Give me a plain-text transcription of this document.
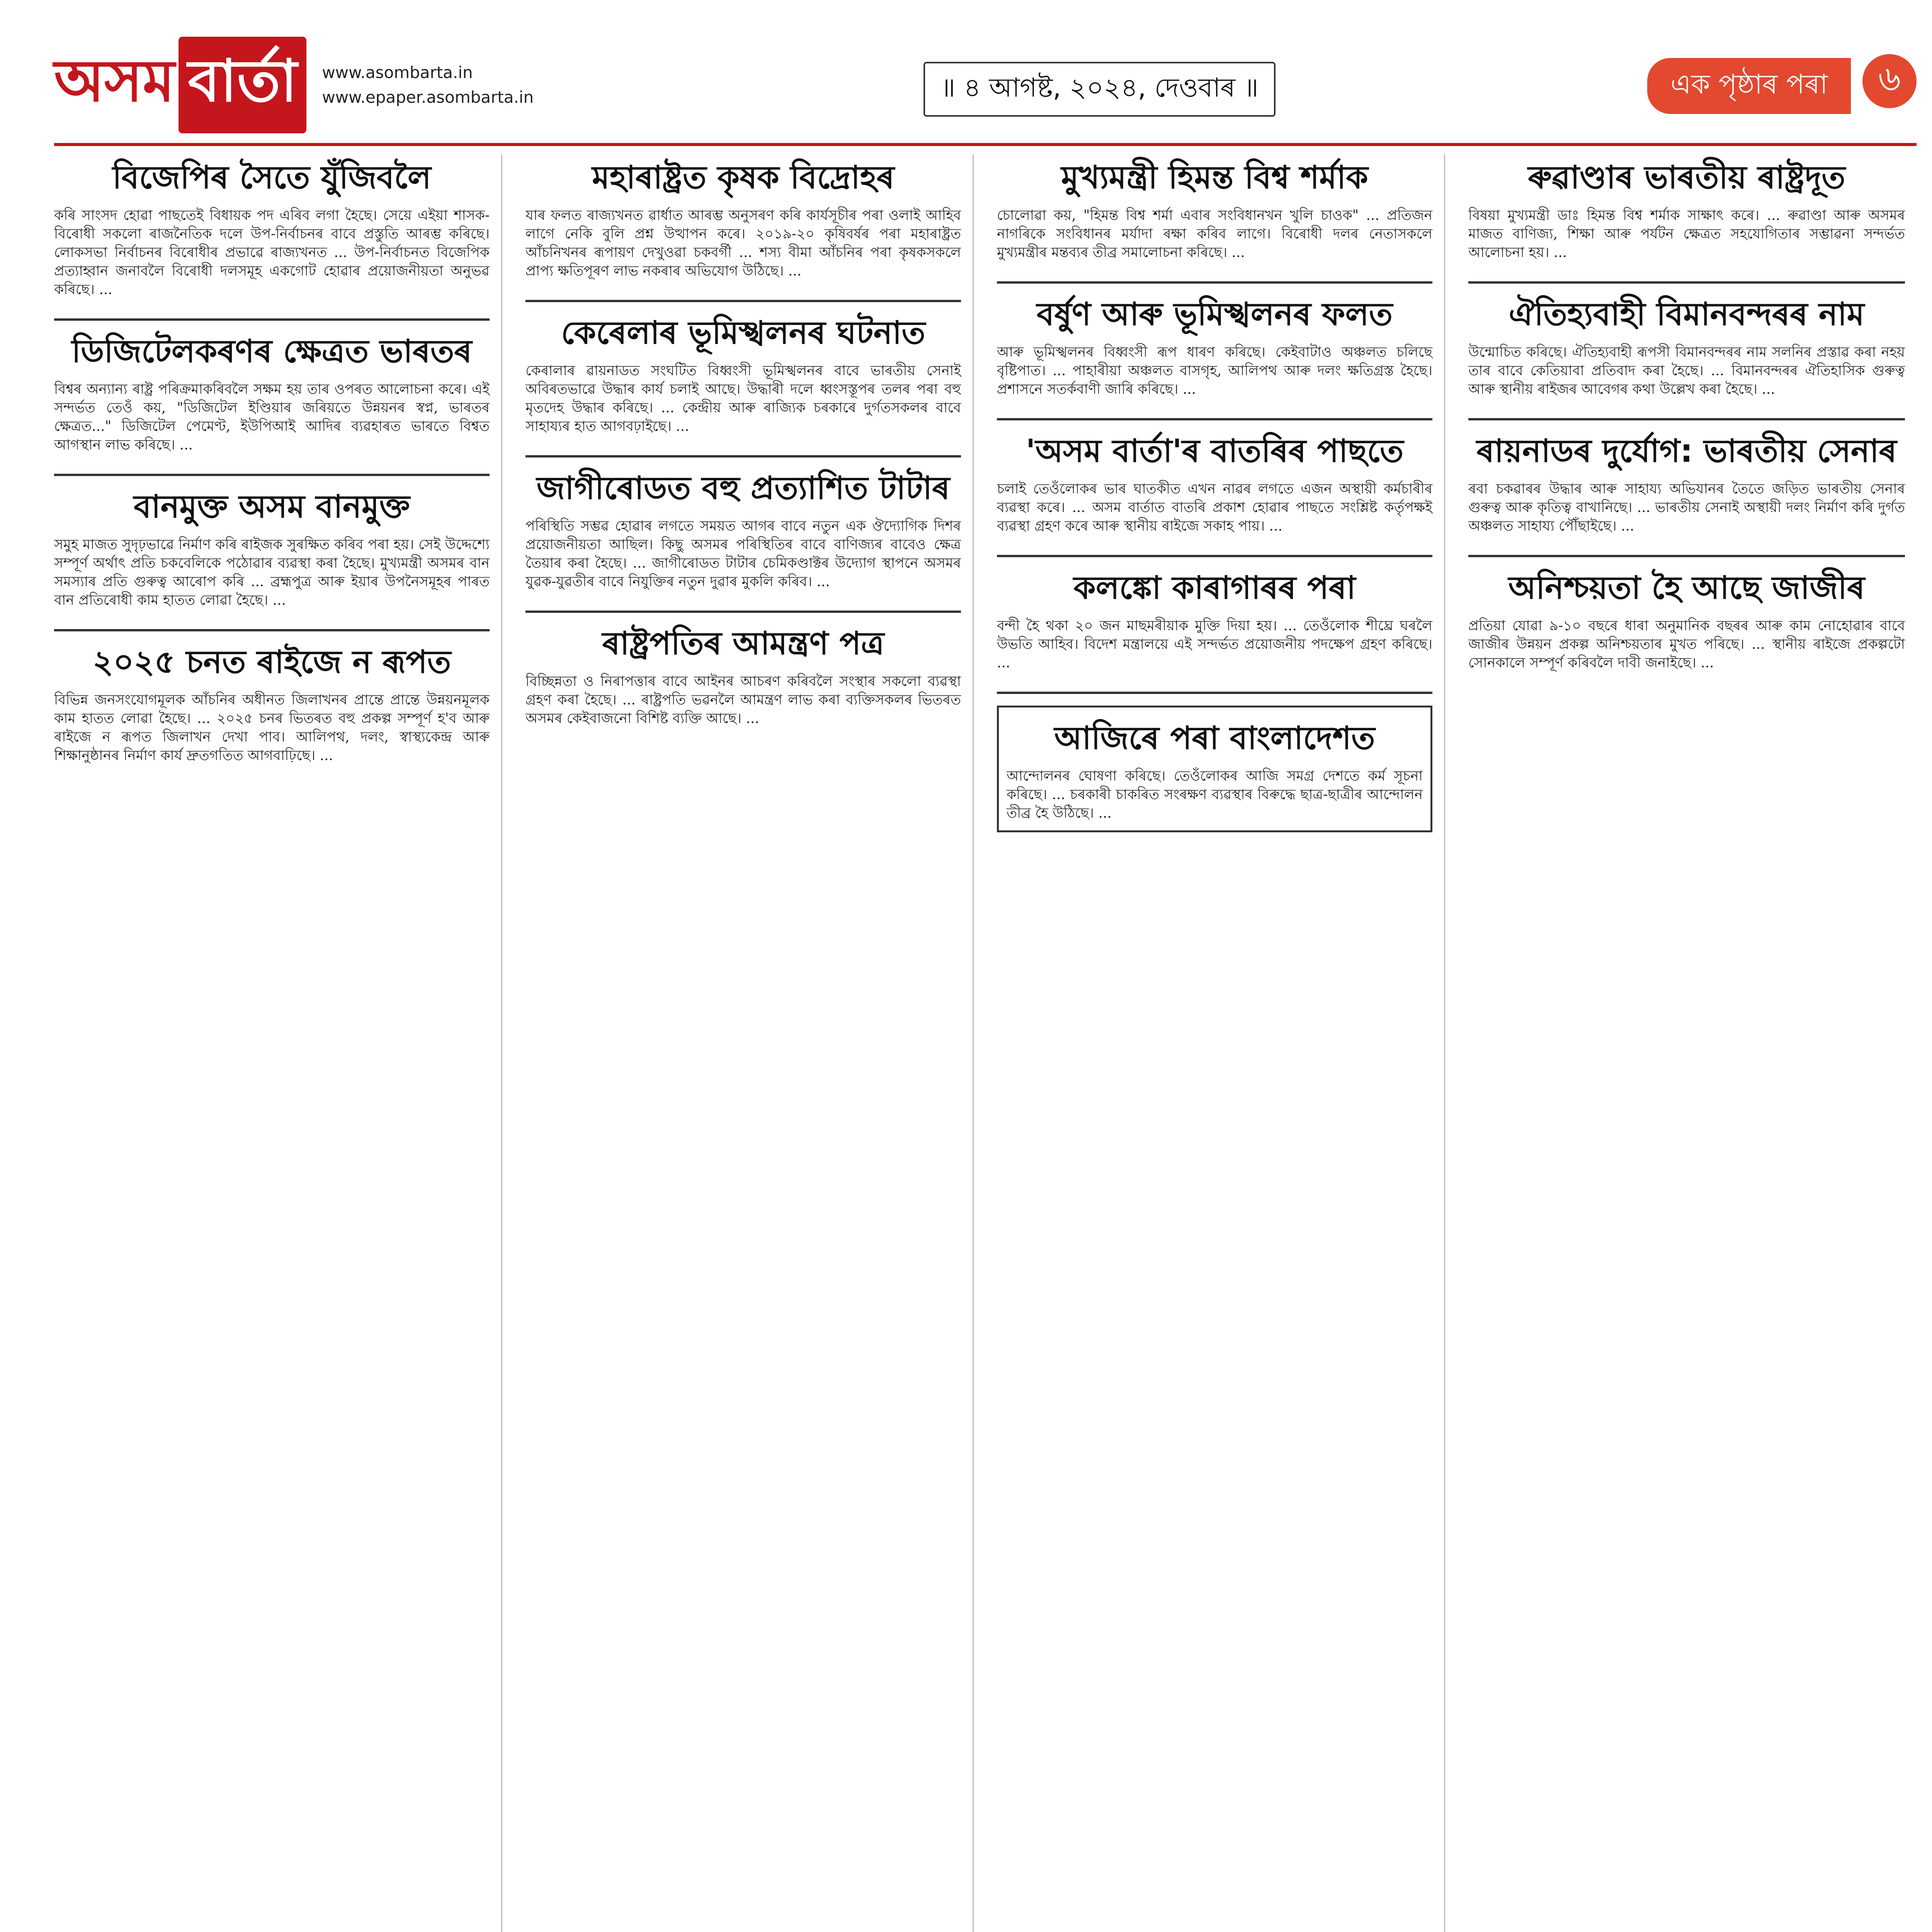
অসম বার্তা	www.asombarta.in
www.epaper.asombarta.in	॥ ৪ আগষ্ট, ২০২৪, দেওবাৰ ॥	এক পৃষ্ঠাৰ পৰা	৬
বিজেপিৰ সৈতে যুঁজিবলৈ
কৰি সাংসদ হোৱা পাছতেই বিধায়ক পদ এৰিব লগা হৈছে। সেয়ে এইয়া শাসক-বিৰোধী সকলো ৰাজনৈতিক দলে উপ-নিৰ্বাচনৰ বাবে প্ৰস্তুতি আৰম্ভ কৰিছে। লোকসভা নিৰ্বাচনৰ বিৰোধীৰ প্ৰভাৱে ৰাজ্যখনত ... উপ-নিৰ্বাচনত বিজেপিক প্ৰত্যাহ্বান জনাবলৈ বিৰোধী দলসমূহ একগোট হোৱাৰ প্ৰয়োজনীয়তা অনুভৱ কৰিছে। ...
ডিজিটেলকৰণৰ ক্ষেত্ৰত ভাৰতৰ
বিশ্বৰ অন্যান্য ৰাষ্ট্ৰ পৰিক্ৰমাকৰিবলৈ সক্ষম হয় তাৰ ওপৰত আলোচনা কৰে। এই সন্দৰ্ভত তেওঁ কয়, "ডিজিটেল ইণ্ডিয়াৰ জৰিয়তে উন্নয়নৰ স্বপ্ন, ভাৰতৰ ক্ষেত্ৰত..." ডিজিটেল পেমেণ্ট, ইউপিআই আদিৰ ব্যৱহাৰত ভাৰতে বিশ্বত আগস্থান লাভ কৰিছে। ...
বানমুক্ত অসম বানমুক্ত
সমুহ মাজত সুদৃঢ়ভাৱে নিৰ্মাণ কৰি ৰাইজক সুৰক্ষিত কৰিব পৰা হয়। সেই উদ্দেশ্যে সম্পূৰ্ণ অৰ্থাৎ প্ৰতি চকবেলিকে পঠোৱাৰ ব্যৱস্থা কৰা হৈছে। মুখ্যমন্ত্ৰী অসমৰ বান সমস্যাৰ প্ৰতি গুৰুত্ব আৰোপ কৰি ... ব্ৰহ্মপুত্ৰ আৰু ইয়াৰ উপনৈসমূহৰ পাৰত বান প্ৰতিৰোধী কাম হাতত লোৱা হৈছে। ...
২০২৫ চনত ৰাইজে ন ৰূপত
বিভিন্ন জনসংযোগমূলক আঁচনিৰ অধীনত জিলাখনৰ প্ৰান্তে প্ৰান্তে উন্নয়নমূলক কাম হাতত লোৱা হৈছে। ... ২০২৫ চনৰ ভিতৰত বহু প্ৰকল্প সম্পূৰ্ণ হ'ব আৰু ৰাইজে ন ৰূপত জিলাখন দেখা পাব। আলিপথ, দলং, স্বাস্থ্যকেন্দ্ৰ আৰু শিক্ষানুষ্ঠানৰ নিৰ্মাণ কাৰ্য দ্ৰুতগতিত আগবাঢ়িছে। ...
মহাৰাষ্ট্ৰত কৃষক বিদ্ৰোহৰ
যাৰ ফলত ৰাজ্যখনত ৱাৰ্ধাত আৰম্ভ অনুসৰণ কৰি কাৰ্যসূচীৰ পৰা ওলাই আহিব লাগে নেকি বুলি প্ৰশ্ন উত্থাপন কৰে। ২০১৯-২০ কৃষিবৰ্ষৰ পৰা মহাৰাষ্ট্ৰত আঁচনিখনৰ ৰূপায়ণ দেখুওৱা চকবৰ্গী ... শস্য বীমা আঁচনিৰ পৰা কৃষকসকলে প্ৰাপ্য ক্ষতিপূৰণ লাভ নকৰাৰ অভিযোগ উঠিছে। ...
কেৰেলাৰ ভূমিস্খলনৰ ঘটনাত
কেৰালাৰ ৱায়নাডত সংঘটিত বিধ্বংসী ভূমিস্খলনৰ বাবে ভাৰতীয় সেনাই অবিৰতভাৱে উদ্ধাৰ কাৰ্য চলাই আছে। উদ্ধাৰী দলে ধ্বংসস্তূপৰ তলৰ পৰা বহু মৃতদেহ উদ্ধাৰ কৰিছে। ... কেন্দ্ৰীয় আৰু ৰাজ্যিক চৰকাৰে দুৰ্গতসকলৰ বাবে সাহায্যৰ হাত আগবঢ়াইছে। ...
জাগীৰোডত বহু প্ৰত্যাশিত টাটাৰ
পৰিস্থিতি সম্ভৱ হোৱাৰ লগতে সময়ত আগৰ বাবে নতুন এক ঔদ্যোগিক দিশৰ প্ৰয়োজনীয়তা আছিল। কিছু অসমৰ পৰিস্থিতিৰ বাবে বাণিজ্যৰ বাবেও ক্ষেত্ৰ তৈয়াৰ কৰা হৈছে। ... জাগীৰোডত টাটাৰ চেমিকণ্ডাক্টৰ উদ্যোগ স্থাপনে অসমৰ যুৱক-যুৱতীৰ বাবে নিযুক্তিৰ নতুন দুৱাৰ মুকলি কৰিব। ...
ৰাষ্ট্ৰপতিৰ আমন্ত্ৰণ পত্ৰ
বিচ্ছিন্নতা ও নিৰাপত্তাৰ বাবে আইনৰ আচৰণ কৰিবলৈ সংস্থাৰ সকলো ব্যৱস্থা গ্ৰহণ কৰা হৈছে। ... ৰাষ্ট্ৰপতি ভৱনলৈ আমন্ত্ৰণ লাভ কৰা ব্যক্তিসকলৰ ভিতৰত অসমৰ কেইবাজনো বিশিষ্ট ব্যক্তি আছে। ...
মুখ্যমন্ত্ৰী হিমন্ত বিশ্ব শৰ্মাক
চোলোৱা কয়, "হিমন্ত বিশ্ব শৰ্মা এবাৰ সংবিধানখন খুলি চাওক" ... প্ৰতিজন নাগৰিকে সংবিধানৰ মৰ্যাদা ৰক্ষা কৰিব লাগে। বিৰোধী দলৰ নেতাসকলে মুখ্যমন্ত্ৰীৰ মন্তব্যৰ তীব্ৰ সমালোচনা কৰিছে। ...
বৰ্ষুণ আৰু ভূমিস্খলনৰ ফলত
আৰু ভূমিস্খলনৰ বিধ্বংসী ৰূপ ধাৰণ কৰিছে। কেইবাটাও অঞ্চলত চলিছে বৃষ্টিপাত। ... পাহাৰীয়া অঞ্চলত বাসগৃহ, আলিপথ আৰু দলং ক্ষতিগ্ৰস্ত হৈছে। প্ৰশাসনে সতৰ্কবাণী জাৰি কৰিছে। ...
'অসম বাৰ্তা'ৰ বাতৰিৰ পাছতে
চলাই তেওঁলোকৰ ভাৰ ঘাতকীত এখন নাৱৰ লগতে এজন অস্থায়ী কৰ্মচাৰীৰ ব্যৱস্থা কৰে। ... অসম বাৰ্তাত বাতৰি প্ৰকাশ হোৱাৰ পাছতে সংশ্লিষ্ট কৰ্তৃপক্ষই ব্যৱস্থা গ্ৰহণ কৰে আৰু স্থানীয় ৰাইজে সকাহ পায়। ...
কলঙ্কো কাৰাগাৰৰ পৰা
বন্দী হৈ থকা ২০ জন মাছমৰীয়াক মুক্তি দিয়া হয়। ... তেওঁলোক শীঘ্ৰে ঘৰলৈ উভতি আহিব। বিদেশ মন্ত্ৰালয়ে এই সন্দৰ্ভত প্ৰয়োজনীয় পদক্ষেপ গ্ৰহণ কৰিছে। ...
আজিৰে পৰা বাংলাদেশত
আন্দোলনৰ ঘোষণা কৰিছে। তেওঁলোকৰ আজি সমগ্ৰ দেশতে কৰ্ম সূচনা কৰিছে। ... চৰকাৰী চাকৰিত সংৰক্ষণ ব্যৱস্থাৰ বিৰুদ্ধে ছাত্ৰ-ছাত্ৰীৰ আন্দোলন তীব্ৰ হৈ উঠিছে। ...
ৰুৱাণ্ডাৰ ভাৰতীয় ৰাষ্ট্ৰদূত
বিষয়া মুখ্যমন্ত্ৰী ডাঃ হিমন্ত বিশ্ব শৰ্মাক সাক্ষাৎ কৰে। ... ৰুৱাণ্ডা আৰু অসমৰ মাজত বাণিজ্য, শিক্ষা আৰু পৰ্যটন ক্ষেত্ৰত সহযোগিতাৰ সম্ভাৱনা সন্দৰ্ভত আলোচনা হয়। ...
ঐতিহ্যবাহী বিমানবন্দৰৰ নাম
উন্মোচিত কৰিছে। ঐতিহ্যবাহী ৰূপসী বিমানবন্দৰৰ নাম সলনিৰ প্ৰস্তাৱ কৰা নহয় তাৰ বাবে কেতিয়াবা প্ৰতিবাদ কৰা হৈছে। ... বিমানবন্দৰৰ ঐতিহাসিক গুৰুত্ব আৰু স্থানীয় ৰাইজৰ আবেগৰ কথা উল্লেখ কৰা হৈছে। ...
ৰায়নাডৰ দুৰ্যোগ: ভাৰতীয় সেনাৰ
ৰবা চকৱাৰৰ উদ্ধাৰ আৰু সাহায্য অভিযানৰ তৈতে জড়িত ভাৰতীয় সেনাৰ গুৰুত্ব আৰু কৃতিত্ব বাখানিছে। ... ভাৰতীয় সেনাই অস্থায়ী দলং নিৰ্মাণ কৰি দুৰ্গত অঞ্চলত সাহায্য পৌঁছাইছে। ...
অনিশ্চয়তা হৈ আছে জাজীৰ
প্ৰতিয়া যোৱা ৯-১০ বছৰে ধাৰা অনুমানিক বছৰৰ আৰু কাম নোহোৱাৰ বাবে জাজীৰ উন্নয়ন প্ৰকল্প অনিশ্চয়তাৰ মুখত পৰিছে। ... স্থানীয় ৰাইজে প্ৰকল্পটো সোনকালে সম্পূৰ্ণ কৰিবলৈ দাবী জনাইছে। ...
